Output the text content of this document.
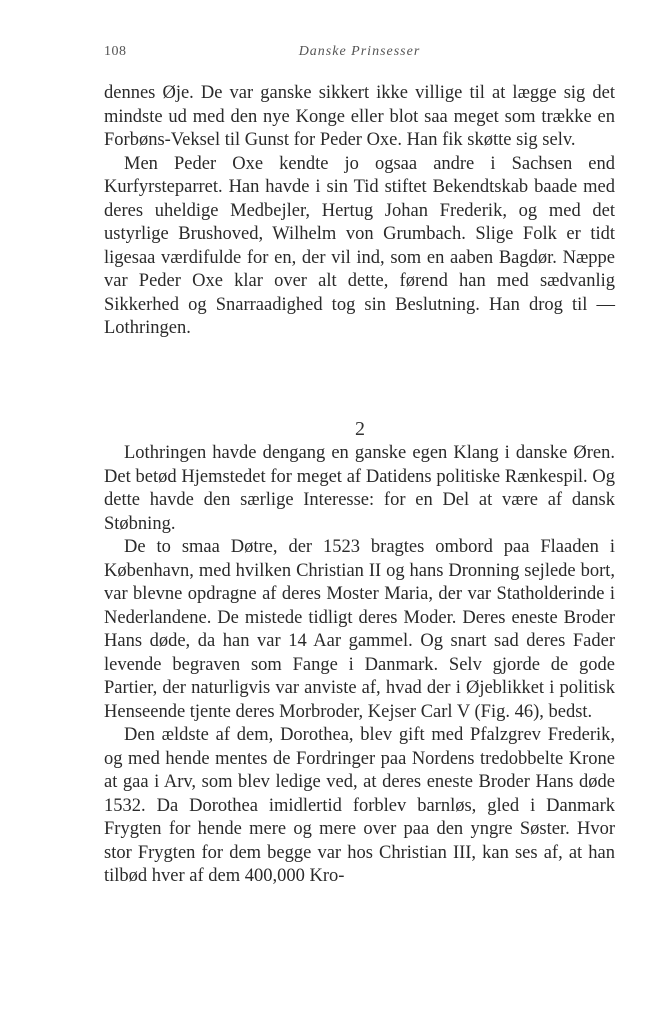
108	Danske Prinsesser

dennes Øje. De var ganske sikkert ikke villige til at lægge sig det mindste ud med den nye Konge eller blot saa meget som trække en Forbøns-Veksel til Gunst for Peder Oxe. Han fik skøtte sig selv.

Men Peder Oxe kendte jo ogsaa andre i Sachsen end Kurfyrsteparret. Han havde i sin Tid stiftet Bekendtskab baade med deres uheldige Medbejler, Hertug Johan Frederik, og med det ustyrlige Brushoved, Wilhelm von Grumbach. Slige Folk er tidt ligesaa værdifulde for en, der vil ind, som en aaben Bagdør. Næppe var Peder Oxe klar over alt dette, førend han med sædvanlig Sikkerhed og Snarraadighed tog sin Beslutning. Han drog til — Lothringen.

2

Lothringen havde dengang en ganske egen Klang i danske Øren. Det betød Hjemstedet for meget af Datidens politiske Rænkespil. Og dette havde den særlige Interesse: for en Del at være af dansk Støbning.

De to smaa Døtre, der 1523 bragtes ombord paa Flaaden i København, med hvilken Christian II og hans Dronning sejlede bort, var blevne opdragne af deres Moster Maria, der var Statholderinde i Nederlandene. De mistede tidligt deres Moder. Deres eneste Broder Hans døde, da han var 14 Aar gammel. Og snart sad deres Fader levende begraven som Fange i Danmark. Selv gjorde de gode Partier, der naturligvis var anviste af, hvad der i Øjeblikket i politisk Henseende tjente deres Morbroder, Kejser Carl V (Fig. 46), bedst.

Den ældste af dem, Dorothea, blev gift med Pfalzgrev Frederik, og med hende mentes de Fordringer paa Nordens tredobbelte Krone at gaa i Arv, som blev ledige ved, at deres eneste Broder Hans døde 1532. Da Dorothea imidlertid forblev barnløs, gled i Danmark Frygten for hende mere og mere over paa den yngre Søster. Hvor stor Frygten for dem begge var hos Christian III, kan ses af, at han tilbød hver af dem 400,000 Kro-
